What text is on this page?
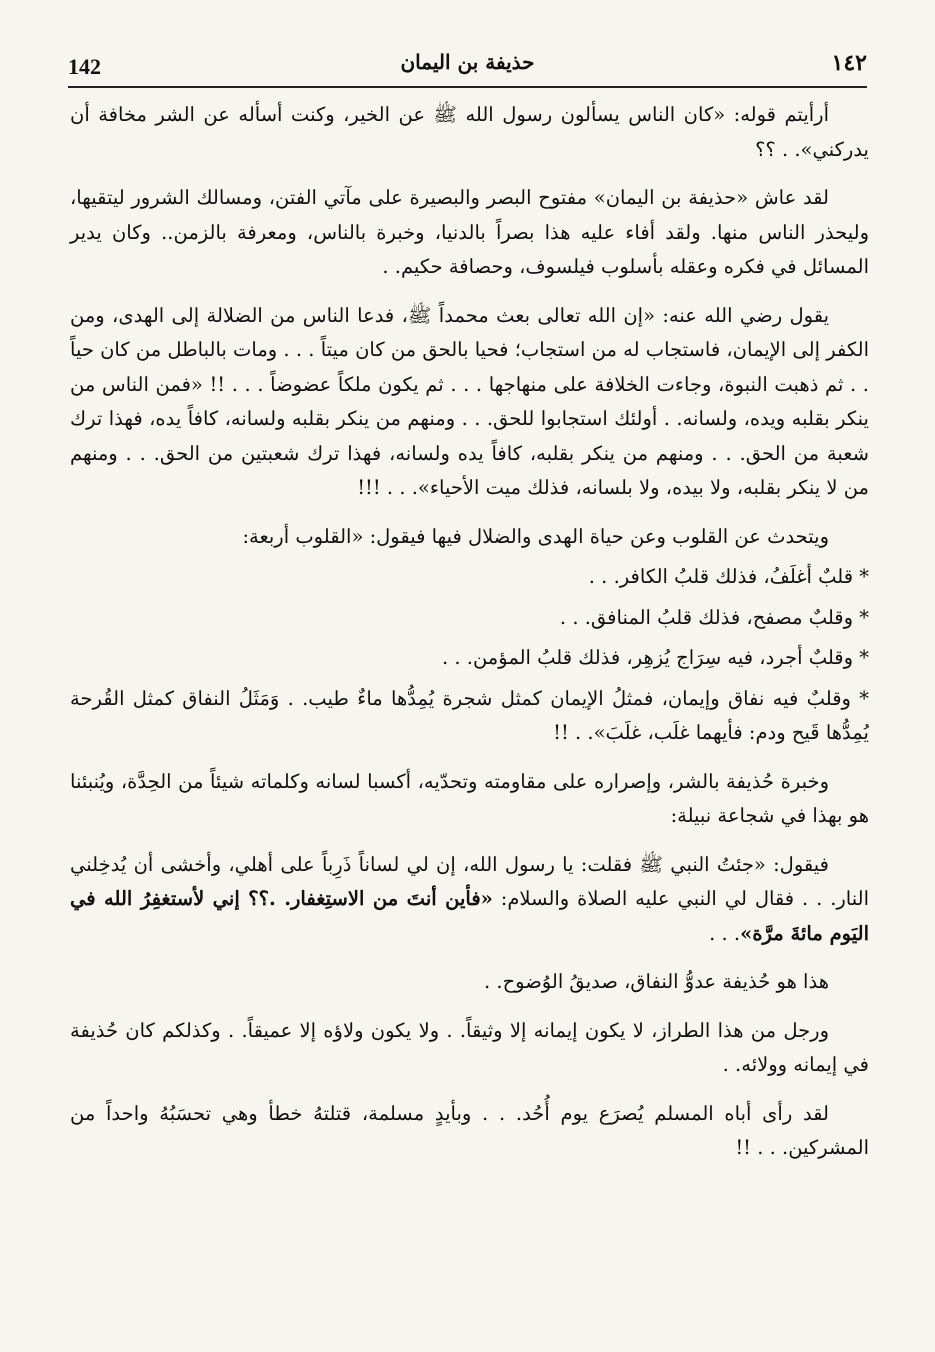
142	حذيفة بن اليمان	١٤٢

أرأيتم قوله: «كان الناس يسألون رسول الله ﷺ عن الخير، وكنت أسأله عن الشر مخافة أن يدركني». . ؟؟

لقد عاش «حذيفة بن اليمان» مفتوح البصر والبصيرة على مآتي الفتن، ومسالك الشرور ليتقيها، وليحذر الناس منها. ولقد أفاء عليه هذا بصراً بالدنيا، وخبرة بالناس، ومعرفة بالزمن.. وكان يدير المسائل في فكره وعقله بأسلوب فيلسوف، وحصافة حكيم. .

يقول رضي الله عنه: «إن الله تعالى بعث محمداً ﷺ، فدعا الناس من الضلالة إلى الهدى، ومن الكفر إلى الإيمان، فاستجاب له من استجاب؛ فحيا بالحق من كان ميتاً . . . ومات بالباطل من كان حياً . . ثم ذهبت النبوة، وجاءت الخلافة على منهاجها . . . ثم يكون ملكاً عضوضاً . . . !! «فمن الناس من ينكر بقلبه ويده، ولسانه. . أولئك استجابوا للحق. . . ومنهم من ينكر بقلبه ولسانه، كافاً يده، فهذا ترك شعبة من الحق. . . ومنهم من ينكر بقلبه، كافاً يده ولسانه، فهذا ترك شعبتين من الحق. . . ومنهم من لا ينكر بقلبه، ولا بيده، ولا بلسانه، فذلك ميت الأحياء». . . !!!

ويتحدث عن القلوب وعن حياة الهدى والضلال فيها فيقول: «القلوب أربعة:

* قلبٌ أغلَفُ، فذلك قلبُ الكافر. . .

* وقلبٌ مصفح، فذلك قلبُ المنافق. . .

* وقلبٌ أجرد، فيه سِرَاج يُزهِر، فذلك قلبُ المؤمن. . .

* وقلبٌ فيه نفاق وإيمان، فمثلُ الإيمان كمثل شجرة يُمِدُّها ماءٌ طيب. . وَمَثَلُ النفاق كمثل القُرحة يُمِدُّها قَيح ودم: فأيهما غلَب، غلَبَ». . !!

وخبرة حُذيفة بالشر، وإصراره على مقاومته وتحدّيه، أكسبا لسانه وكلماته شيئاً من الحِدَّة، ويُنبئنا هو بهذا في شجاعة نبيلة:

فيقول: «جئتُ النبي ﷺ فقلت: يا رسول الله، إن لي لساناً ذَرِباً على أهلي، وأخشى أن يُدخِلني النار. . . فقال لي النبي عليه الصلاة والسلام: «فأين أنتَ من الاستِغفار. .؟؟ إني لأستغفِرُ الله في اليَوم مائةَ مرَّة». . .

هذا هو حُذيفة عدوُّ النفاق، صديقُ الوُضوح. .

ورجل من هذا الطراز، لا يكون إيمانه إلا وثيقاً. . ولا يكون ولاؤه إلا عميقاً. . وكذلكم كان حُذيفة في إيمانه وولائه. .

لقد رأى أباه المسلم يُصرَع يوم أُحُد. . . وبأيدٍ مسلمة، قتلتهُ خطأ وهي تحسَبُهُ واحداً من المشركين. . . !!
